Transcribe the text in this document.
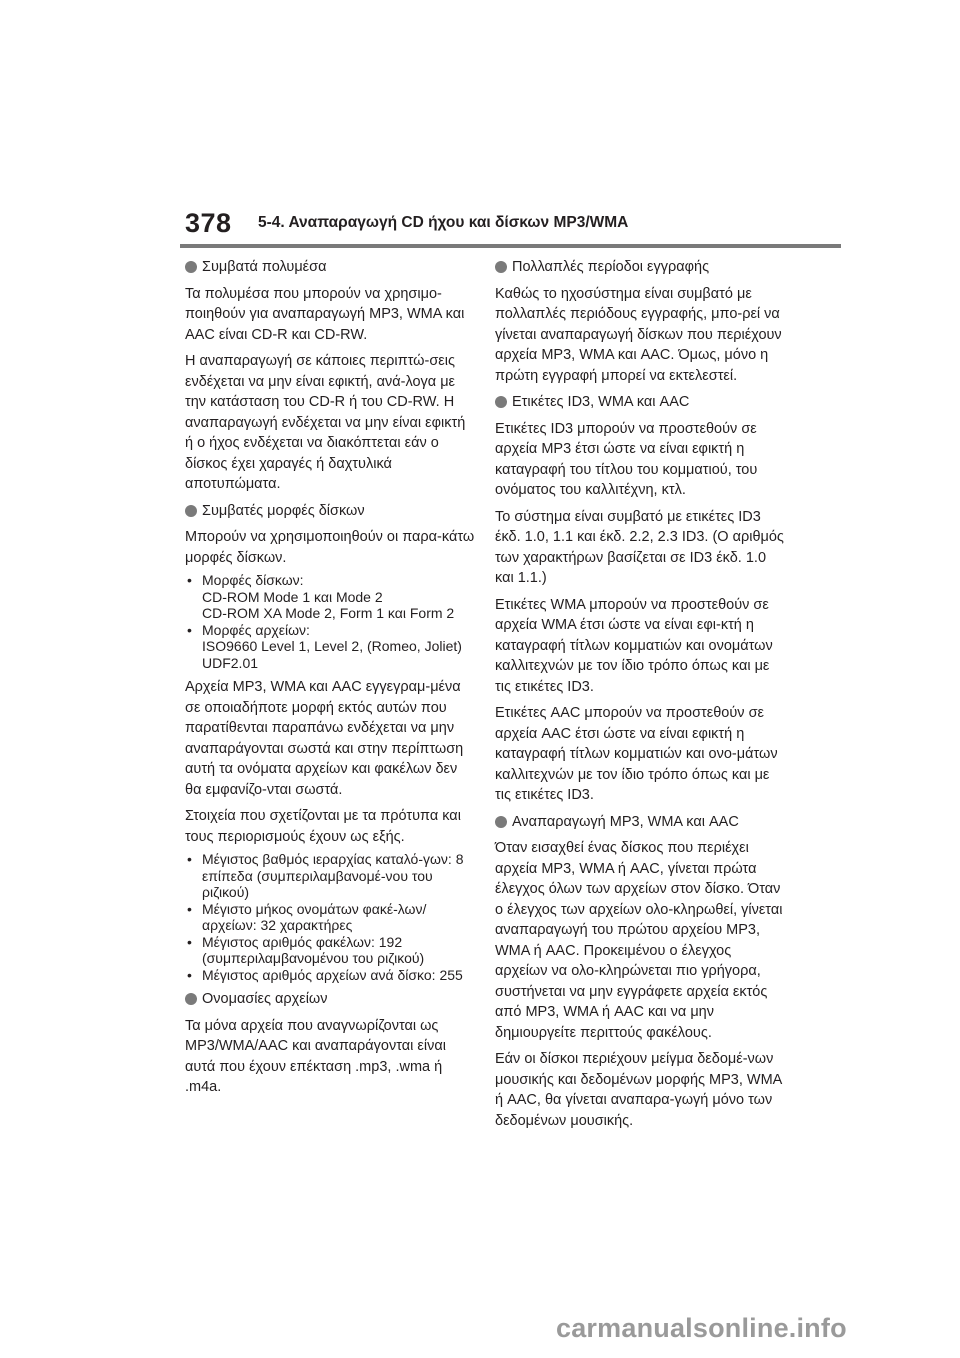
378 5-4. Αναπαραγωγή CD ήχου και δίσκων MP3/WMA
Συμβατά πολυμέσα

Τα πολυμέσα που μπορούν να χρησιμο-ποιηθούν για αναπαραγωγή MP3, WMA και AAC είναι CD-R και CD-RW.

Η αναπαραγωγή σε κάποιες περιπτώ-σεις ενδέχεται να μην είναι εφικτή, ανά-λογα με την κατάσταση του CD-R ή του CD-RW. Η αναπαραγωγή ενδέχεται να μην είναι εφικτή ή ο ήχος ενδέχεται να διακόπτεται εάν ο δίσκος έχει χαραγές ή δαχτυλικά αποτυπώματα.

Συμβατές μορφές δίσκων

Μπορούν να χρησιμοποιηθούν οι παρα-κάτω μορφές δίσκων.

• Μορφές δίσκων:
CD-ROM Mode 1 και Mode 2
CD-ROM XA Mode 2, Form 1 και Form 2
• Μορφές αρχείων:
ISO9660 Level 1, Level 2, (Romeo, Joliet)
UDF2.01

Αρχεία MP3, WMA και AAC εγγεγραμ-μένα σε οποιαδήποτε μορφή εκτός αυτών που παρατίθενται παραπάνω ενδέχεται να μην αναπαράγονται σωστά και στην περίπτωση αυτή τα ονόματα αρχείων και φακέλων δεν θα εμφανίζο-νται σωστά.

Στοιχεία που σχετίζονται με τα πρότυπα και τους περιορισμούς έχουν ως εξής.

• Μέγιστος βαθμός ιεραρχίας καταλό-γων: 8 επίπεδα (συμπεριλαμβανομέ-νου του ριζικού)
• Μέγιστο μήκος ονομάτων φακέ-λων/αρχείων: 32 χαρακτήρες
• Μέγιστος αριθμός φακέλων: 192 (συμπεριλαμβανομένου του ριζικού)
• Μέγιστος αριθμός αρχείων ανά δίσκο: 255
Ονομασίες αρχείων

Τα μόνα αρχεία που αναγνωρίζονται ως MP3/WMA/AAC και αναπαράγονται είναι αυτά που έχουν επέκταση .mp3, .wma ή .m4a.

Πολλαπλές περίοδοι εγγραφής

Καθώς το ηχοσύστημα είναι συμβατό με πολλαπλές περιόδους εγγραφής, μπο-ρεί να γίνεται αναπαραγωγή δίσκων που περιέχουν αρχεία MP3, WMA και AAC. Όμως, μόνο η πρώτη εγγραφή μπορεί να εκτελεστεί.

Ετικέτες ID3, WMA και AAC

Ετικέτες ID3 μπορούν να προστεθούν σε αρχεία MP3 έτσι ώστε να είναι εφικτή η καταγραφή του τίτλου του κομματιού, του ονόματος του καλλιτέχνη, κτλ.

Το σύστημα είναι συμβατό με ετικέτες ID3 έκδ. 1.0, 1.1 και έκδ. 2.2, 2.3 ID3. (Ο αριθμός των χαρακτήρων βασίζεται σε ID3 έκδ. 1.0 και 1.1.)

Ετικέτες WMA μπορούν να προστεθούν σε αρχεία WMA έτσι ώστε να είναι εφι-κτή η καταγραφή τίτλων κομματιών και ονομάτων καλλιτεχνών με τον ίδιο τρόπο όπως και με τις ετικέτες ID3.

Ετικέτες AAC μπορούν να προστεθούν σε αρχεία AAC έτσι ώστε να είναι εφικτή η καταγραφή τίτλων κομματιών και ονο-μάτων καλλιτεχνών με τον ίδιο τρόπο όπως και με τις ετικέτες ID3.

Αναπαραγωγή MP3, WMA και AAC

Όταν εισαχθεί ένας δίσκος που περιέχει αρχεία MP3, WMA ή AAC, γίνεται πρώτα έλεγχος όλων των αρχείων στον δίσκο. Όταν ο έλεγχος των αρχείων ολο-κληρωθεί, γίνεται αναπαραγωγή του πρώτου αρχείου MP3, WMA ή AAC. Προκειμένου ο έλεγχος αρχείων να ολο-κληρώνεται πιο γρήγορα, συστήνεται να μην εγγράφετε αρχεία εκτός από MP3, WMA ή AAC και να μην δημιουργείτε περιττούς φακέλους.

Εάν οι δίσκοι περιέχουν μείγμα δεδομέ-νων μουσικής και δεδομένων μορφής MP3, WMA ή AAC, θα γίνεται αναπαρα-γωγή μόνο των δεδομένων μουσικής.

carmanualsonline.info
